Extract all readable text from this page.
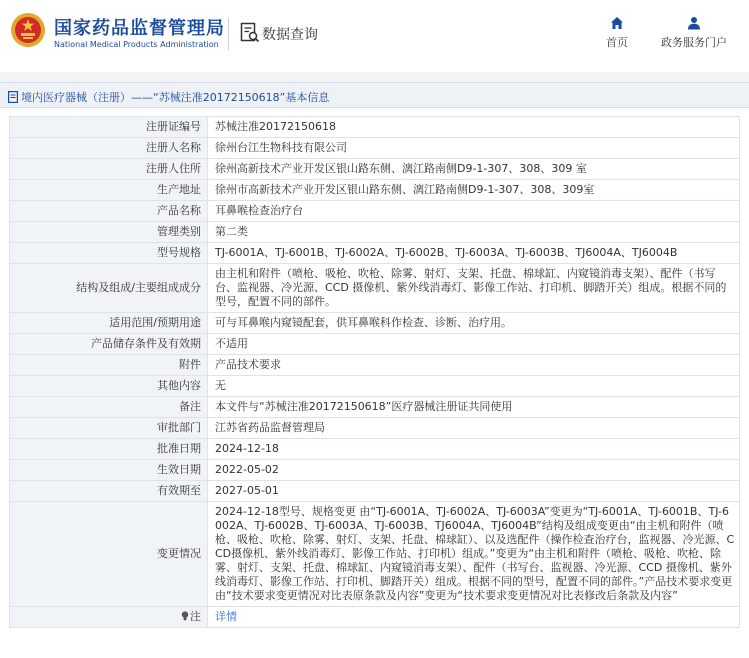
国家药品监督管理局
National Medical Products Administration
数据查询	首页	政务服务门户
境内医疗器械（注册）——“苏械注准20172150618”基本信息
注册证编号	苏械注准20172150618
注册人名称	徐州台江生物科技有限公司
注册人住所	徐州高新技术产业开发区银山路东侧、漓江路南侧D9-1-307、308、309 室
生产地址	徐州市高新技术产业开发区银山路东侧、漓江路南侧D9-1-307、308、309室
产品名称	耳鼻喉检查治疗台
管理类别	第二类
型号规格	TJ-6001A、TJ-6001B、TJ-6002A、TJ-6002B、TJ-6003A、TJ-6003B、TJ6004A、TJ6004B
结构及组成/主要组成成分	由主机和附件（喷枪、吸枪、吹枪、除雾、射灯、支架、托盘、棉球缸、内窥镜消毒支架）、配件（书写台、监视器、冷光源、CCD 摄像机、紫外线消毒灯、影像工作站、打印机、脚踏开关）组成。根据不同的型号，配置不同的部件。
适用范围/预期用途	可与耳鼻喉内窥镜配套，供耳鼻喉科作检查、诊断、治疗用。
产品储存条件及有效期	不适用
附件	产品技术要求
其他内容	无
备注	本文件与“苏械注准20172150618”医疗器械注册证共同使用
审批部门	江苏省药品监督管理局
批准日期	2024-12-18
生效日期	2022-05-02
有效期至	2027-05-01
变更情况	2024-12-18型号、规格变更 由“TJ-6001A、TJ-6002A、TJ-6003A”变更为“TJ-6001A、TJ-6001B、TJ-6002A、TJ-6002B、TJ-6003A、TJ-6003B、TJ6004A、TJ6004B”结构及组成变更由“由主机和附件（喷枪、吸枪、吹枪、除雾、射灯、支架、托盘、棉球缸）、以及选配件（操作检查治疗台，监视器、冷光源、CCD摄像机、紫外线消毒灯、影像工作站、打印机）组成。”变更为“由主机和附件（喷枪、吸枪、吹枪、除雾、射灯、支架、托盘、棉球缸、内窥镜消毒支架）、配件（书写台、监视器、冷光源、CCD 摄像机、紫外线消毒灯、影像工作站、打印机、脚踏开关）组成。根据不同的型号，配置不同的部件。”产品技术要求变更由“技术要求变更情况对比表原条款及内容”变更为“技术要求变更情况对比表修改后条款及内容”
注	详情
